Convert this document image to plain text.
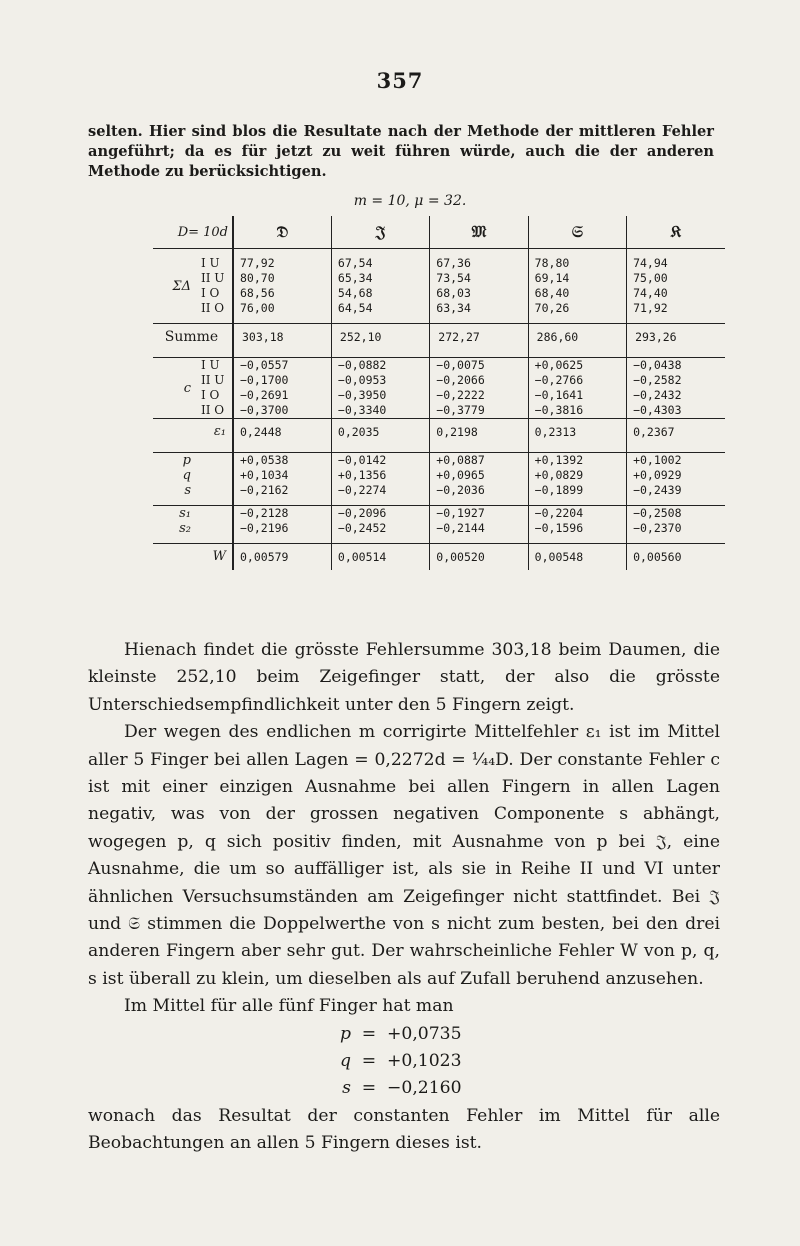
357
selten. Hier sind blos die Resultate nach der Methode der mittleren Fehler angeführt; da es für jetzt zu weit führen würde, auch die der anderen Methode zu berücksichtigen.
m = 10, μ = 32.
D= 10d		𝔇	𝔍	𝔐	𝔖	𝔎

ΣΔ	I U	77,92	67,54	67,36	78,80	74,94
	II U	80,70	65,34	73,54	69,14	75,00
	I O	68,56	54,68	68,03	68,40	74,40
	II O	76,00	64,54	63,34	70,26	71,92

Summe		303,18	252,10	272,27	286,60	293,26

c	I U	−0,0557	−0,0882	−0,0075	+0,0625	−0,0438
	II U	−0,1700	−0,0953	−0,2066	−0,2766	−0,2582
	I O	−0,2691	−0,3950	−0,2222	−0,1641	−0,2432
	II O	−0,3700	−0,3340	−0,3779	−0,3816	−0,4303
ε₁		0,2448	0,2035	0,2198	0,2313	0,2367

p		+0,0538	−0,0142	+0,0887	+0,1392	+0,1002
q		+0,1034	+0,1356	+0,0965	+0,0829	+0,0929
s		−0,2162	−0,2274	−0,2036	−0,1899	−0,2439

s₁		−0,2128	−0,2096	−0,1927	−0,2204	−0,2508
s₂		−0,2196	−0,2452	−0,2144	−0,1596	−0,2370

W		0,00579	0,00514	0,00520	0,00548	0,00560

Hienach findet die grösste Fehlersumme 303,18 beim Daumen, die kleinste 252,10 beim Zeigefinger statt, der also die grösste Unterschiedsempfindlichkeit unter den 5 Fingern zeigt.

Der wegen des endlichen m corrigirte Mittelfehler ε₁ ist im Mittel aller 5 Finger bei allen Lagen = 0,2272d = ¹⁄₄₄D. Der constante Fehler c ist mit einer einzigen Ausnahme bei allen Fingern in allen Lagen negativ, was von der grossen negativen Componente s abhängt, wogegen p, q sich positiv finden, mit Ausnahme von p bei 𝔍, eine Ausnahme, die um so auffälliger ist, als sie in Reihe II und VI unter ähnlichen Versuchsumständen am Zeigefinger nicht stattfindet. Bei 𝔍 und 𝔖 stimmen die Doppelwerthe von s nicht zum besten, bei den drei anderen Fingern aber sehr gut. Der wahrscheinliche Fehler W von p, q, s ist überall zu klein, um dieselben als auf Zufall beruhend anzusehen.

Im Mittel für alle fünf Finger hat man

p = +0,0735
q = +0,1023
s = −0,2160

wonach das Resultat der constanten Fehler im Mittel für alle Beobachtungen an allen 5 Fingern dieses ist.
